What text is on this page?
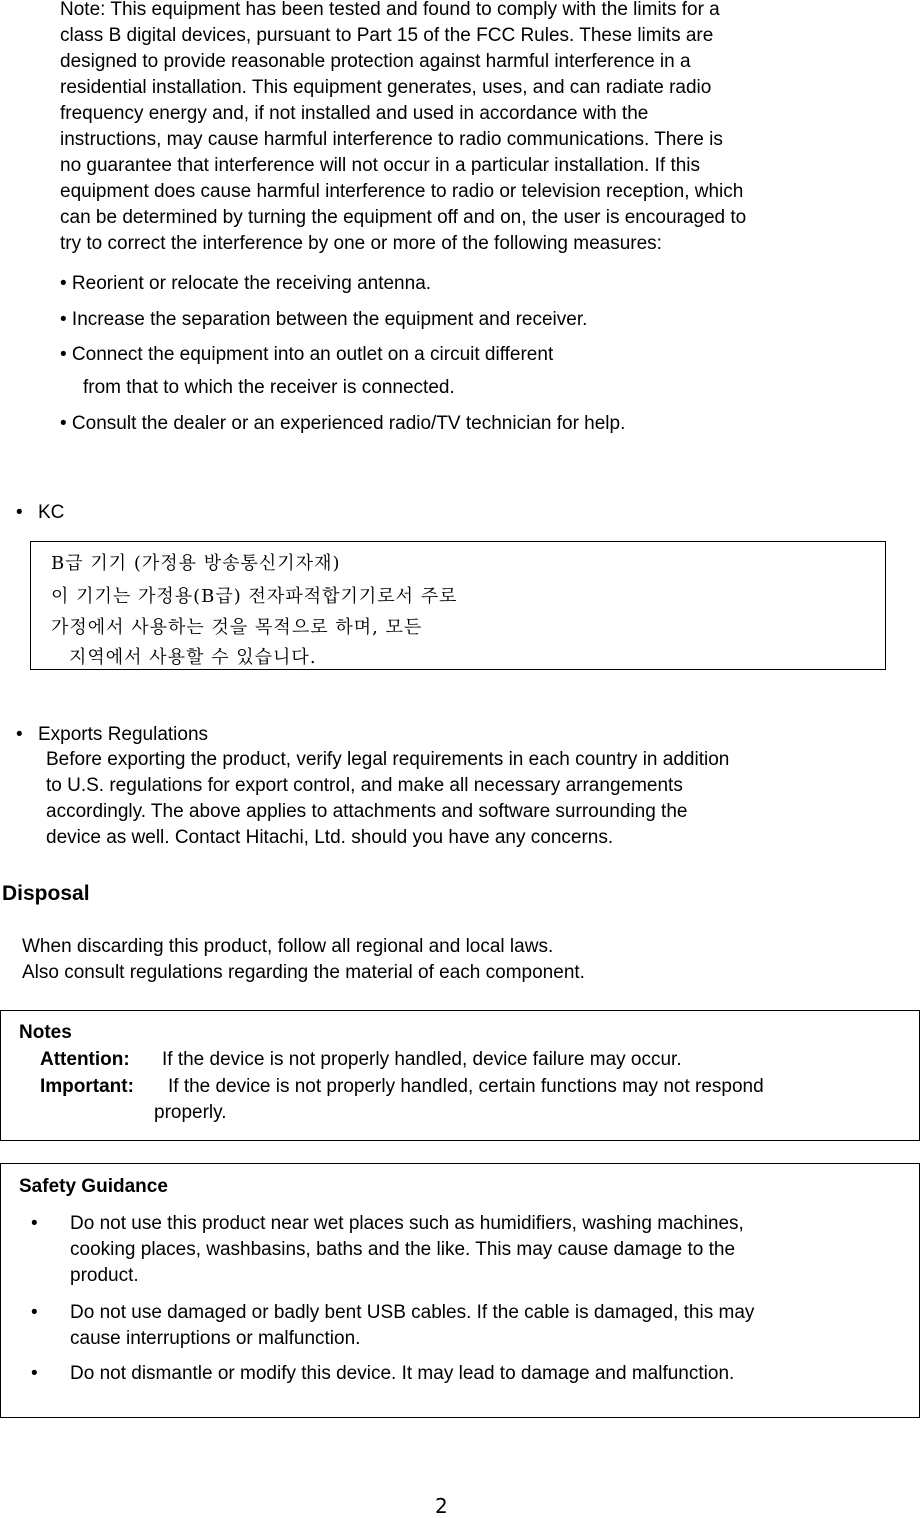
Note: This equipment has been tested and found to comply with the limits for a

class B digital devices, pursuant to Part 15 of the FCC Rules. These limits are

designed to provide reasonable protection against harmful interference in a

residential installation. This equipment generates, uses, and can radiate radio

frequency energy and, if not installed and used in accordance with the

instructions, may cause harmful interference to radio communications. There is

no guarantee that interference will not occur in a particular installation. If this

equipment does cause harmful interference to radio or television reception, which

can be determined by turning the equipment off and on, the user is encouraged to

try to correct the interference by one or more of the following measures:

• Reorient or relocate the receiving antenna.
• Increase the separation between the equipment and receiver.
• Connect the equipment into an outlet on a circuit different
from that to which the receiver is connected.
• Consult the dealer or an experienced radio/TV technician for help.
• KC
B급 기기 (가정용 방송통신기자재)
이 기기는 가정용(B급) 전자파적합기기로서 주로
가정에서 사용하는 것을 목적으로 하며, 모든
지역에서 사용할 수 있습니다.
• Exports Regulations

Before exporting the product, verify legal requirements in each country in addition

to U.S. regulations for export control, and make all necessary arrangements

accordingly. The above applies to attachments and software surrounding the

device as well. Contact Hitachi, Ltd. should you have any concerns.

Disposal

When discarding this product, follow all regional and local laws.

Also consult regulations regarding the material of each component.

Notes
Attention: If the device is not properly handled, device failure may occur.
Important: If the device is not properly handled, certain functions may not respond
properly.
Safety Guidance
• Do not use this product near wet places such as humidifiers, washing machines,
cooking places, washbasins, baths and the like. This may cause damage to the
product.
• Do not use damaged or badly bent USB cables. If the cable is damaged, this may
cause interruptions or malfunction.
• Do not dismantle or modify this device. It may lead to damage and malfunction.
2
